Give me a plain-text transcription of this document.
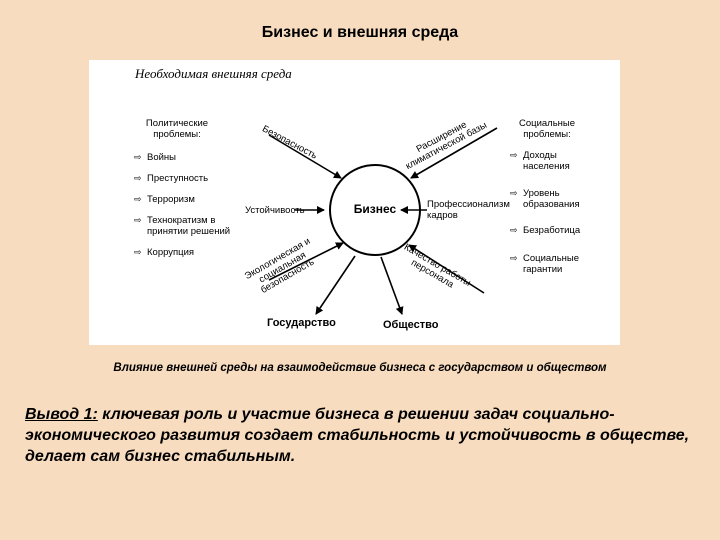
Бизнес и внешняя среда
Необходимая внешняя среда
Бизнес
Политические
проблемы:
⇨ Войны
⇨ Преступность
⇨ Терроризм
⇨ Технократизм в
принятии решений
⇨ Коррупция
Социальные
проблемы:
⇨ Доходы
населения
⇨ Уровень
образования
⇨ Безработица
⇨ Социальные
гарантии
Безопасность	Расширение
климатической базы
Устойчивость
Профессионализм
кадров
Экологическая и
социальная
безопасность	Качество работы
персонала
Государство	Общество
Влияние внешней среды на взаимодействие бизнеса с государством и обществом
Вывод 1: ключевая роль и участие бизнеса в решении задач социально-экономического развития создает стабильность и устойчивость в обществе, делает сам бизнес стабильным.
